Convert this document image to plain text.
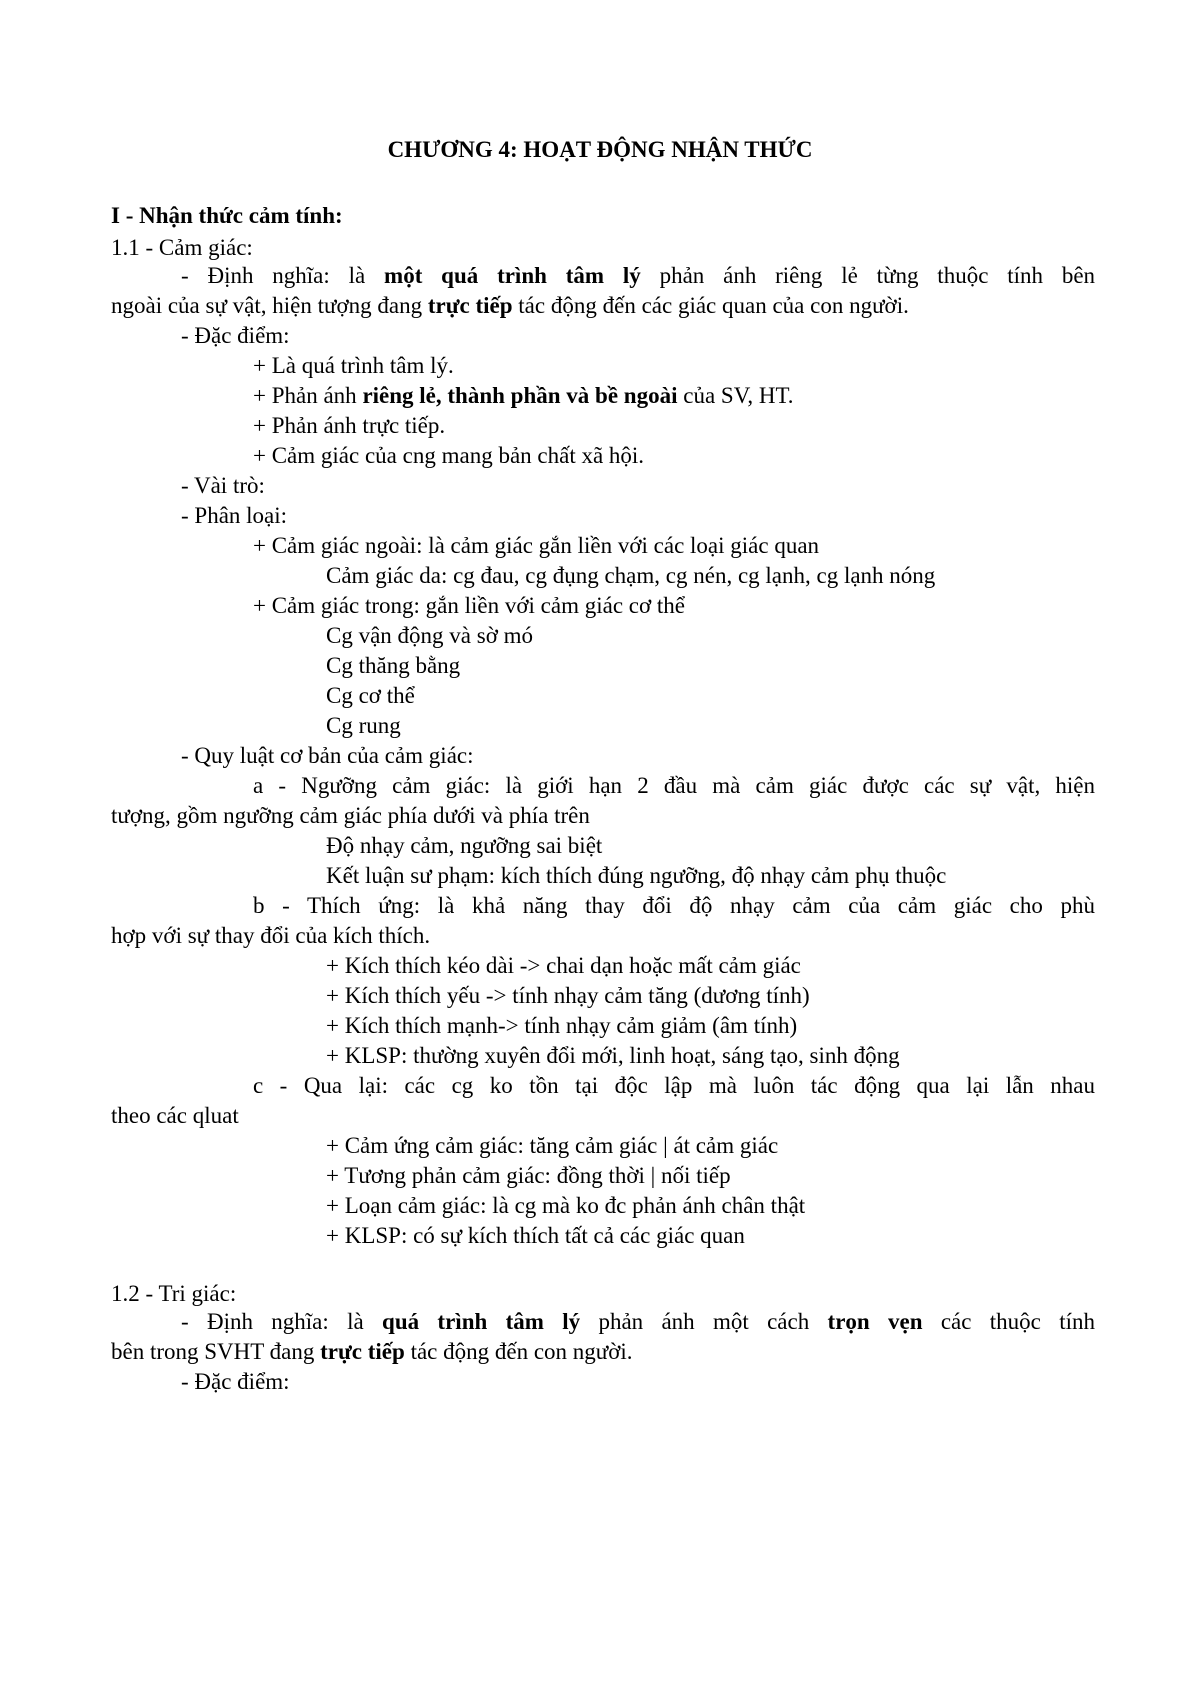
CHƯƠNG 4: HOẠT ĐỘNG NHẬN THỨC
I - Nhận thức cảm tính:
1.1 - Cảm giác:
- Định nghĩa: là một quá trình tâm lý phản ánh riêng lẻ từng thuộc tính bên
ngoài của sự vật, hiện tượng đang trực tiếp tác động đến các giác quan của con người.
- Đặc điểm:
+ Là quá trình tâm lý.
+ Phản ánh riêng lẻ, thành phần và bề ngoài của SV, HT.
+ Phản ánh trực tiếp.
+ Cảm giác của cng mang bản chất xã hội.
- Vài trò:
- Phân loại:
+ Cảm giác ngoài: là cảm giác gắn liền với các loại giác quan
Cảm giác da: cg đau, cg đụng chạm, cg nén, cg lạnh, cg lạnh nóng
+ Cảm giác trong: gắn liền với cảm giác cơ thể
Cg vận động và sờ mó
Cg thăng bằng
Cg cơ thể
Cg rung
- Quy luật cơ bản của cảm giác:
a - Ngưỡng cảm giác: là giới hạn 2 đầu mà cảm giác được các sự vật, hiện
tượng, gồm ngưỡng cảm giác phía dưới và phía trên
Độ nhạy cảm, ngưỡng sai biệt
Kết luận sư phạm: kích thích đúng ngưỡng, độ nhạy cảm phụ thuộc
b - Thích ứng: là khả năng thay đổi độ nhạy cảm của cảm giác cho phù
hợp với sự thay đổi của kích thích.
+ Kích thích kéo dài -> chai dạn hoặc mất cảm giác
+ Kích thích yếu -> tính nhạy cảm tăng (dương tính)
+ Kích thích mạnh-> tính nhạy cảm giảm (âm tính)
+ KLSP: thường xuyên đổi mới, linh hoạt, sáng tạo, sinh động
c - Qua lại: các cg ko tồn tại độc lập mà luôn tác động qua lại lẫn nhau
theo các qluat
+ Cảm ứng cảm giác: tăng cảm giác | át cảm giác
+ Tương phản cảm giác: đồng thời | nối tiếp
+ Loạn cảm giác: là cg mà ko đc phản ánh chân thật
+ KLSP: có sự kích thích tất cả các giác quan
1.2 - Tri giác:
- Định nghĩa: là quá trình tâm lý phản ánh một cách trọn vẹn các thuộc tính
bên trong SVHT đang trực tiếp tác động đến con người.
- Đặc điểm:
